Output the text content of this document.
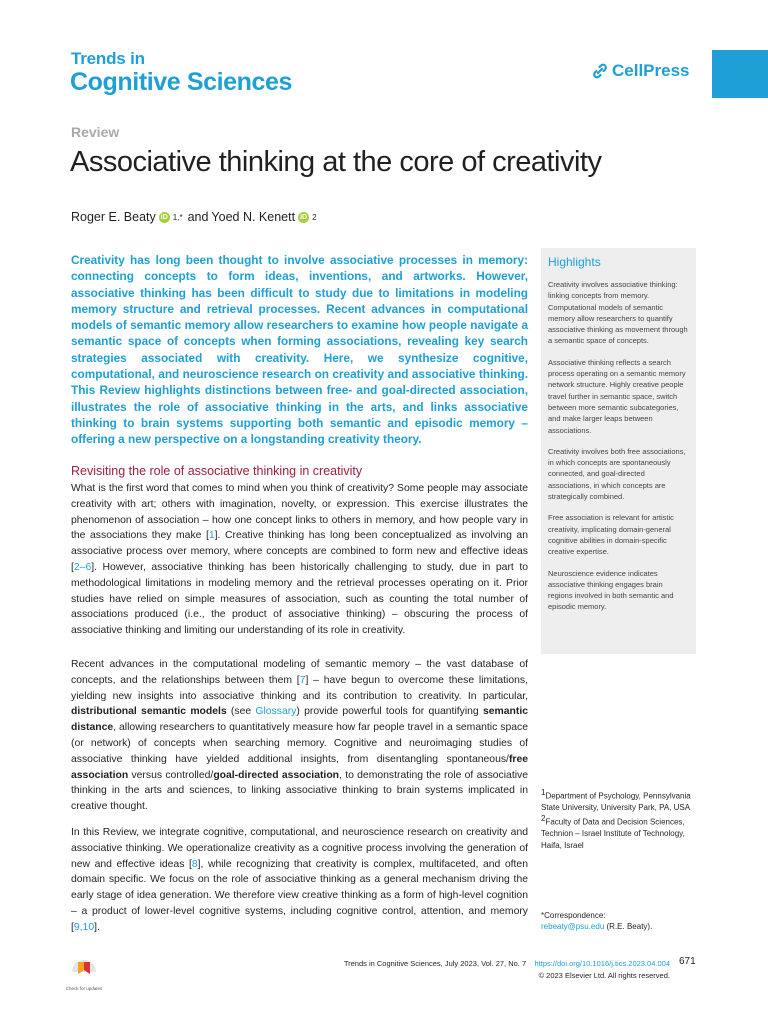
Trends in
Cognitive Sciences	CellPress
Review
Associative thinking at the core of creativity
Roger E. Beaty iD 1,* and Yoed N. Kenett iD 2

Creativity has long been thought to involve associative processes in memory: connecting concepts to form ideas, inventions, and artworks. However, associative thinking has been difficult to study due to limitations in modeling memory structure and retrieval processes. Recent advances in computational models of semantic memory allow researchers to examine how people navigate a semantic space of concepts when forming associations, revealing key search strategies associated with creativity. Here, we synthesize cognitive, computational, and neuroscience research on creativity and associative thinking. This Review highlights distinctions between free- and goal-directed association, illustrates the role of associative thinking in the arts, and links associative thinking to brain systems supporting both semantic and episodic memory – offering a new perspective on a longstanding creativity theory.

Revisiting the role of associative thinking in creativity

What is the first word that comes to mind when you think of creativity? Some people may associate creativity with art; others with imagination, novelty, or expression. This exercise illustrates the phenomenon of association – how one concept links to others in memory, and how people vary in the associations they make [1]. Creative thinking has long been conceptualized as involving an associative process over memory, where concepts are combined to form new and effective ideas [2–6]. However, associative thinking has been historically challenging to study, due in part to methodological limitations in modeling memory and the retrieval processes operating on it. Prior studies have relied on simple measures of association, such as counting the total number of associations produced (i.e., the product of associative thinking) – obscuring the process of associative thinking and limiting our understanding of its role in creativity.

Recent advances in the computational modeling of semantic memory – the vast database of concepts, and the relationships between them [7] – have begun to overcome these limitations, yielding new insights into associative thinking and its contribution to creativity. In particular, distributional semantic models (see Glossary) provide powerful tools for quantifying semantic distance, allowing researchers to quantitatively measure how far people travel in a semantic space (or network) of concepts when searching memory. Cognitive and neuroimaging studies of associative thinking have yielded additional insights, from disentangling spontaneous/free association versus controlled/goal-directed association, to demonstrating the role of associative thinking in the arts and sciences, to linking associative thinking to brain systems implicated in creative thought.

In this Review, we integrate cognitive, computational, and neuroscience research on creativity and associative thinking. We operationalize creativity as a cognitive process involving the generation of new and effective ideas [8], while recognizing that creativity is complex, multifaceted, and often domain specific. We focus on the role of associative thinking as a general mechanism driving the early stage of idea generation. We therefore view creative thinking as a form of high-level cognition – a product of lower-level cognitive systems, including cognitive control, attention, and memory [9,10].

Highlights

Creativity involves associative thinking: linking concepts from memory. Computational models of semantic memory allow researchers to quantify associative thinking as movement through a semantic space of concepts.

Associative thinking reflects a search process operating on a semantic memory network structure. Highly creative people travel further in semantic space, switch between more semantic subcategories, and make larger leaps between associations.

Creativity involves both free associations, in which concepts are spontaneously connected, and goal-directed associations, in which concepts are strategically combined.

Free association is relevant for artistic creativity, implicating domain-general cognitive abilities in domain-specific creative expertise.

Neuroscience evidence indicates associative thinking engages brain regions involved in both semantic and episodic memory.

$^1$Department of Psychology, Pennsylvania State University, University Park, PA, USA
$^2$Faculty of Data and Decision Sciences, Technion – Israel Institute of Technology, Haifa, Israel
*Correspondence:
rebeaty@psu.edu (R.E. Beaty).
Trends in Cognitive Sciences, July 2023, Vol. 27, No. 7 https://doi.org/10.1016/j.tics.2023.04.004
© 2023 Elsevier Ltd. All rights reserved.
671
Check for updates
